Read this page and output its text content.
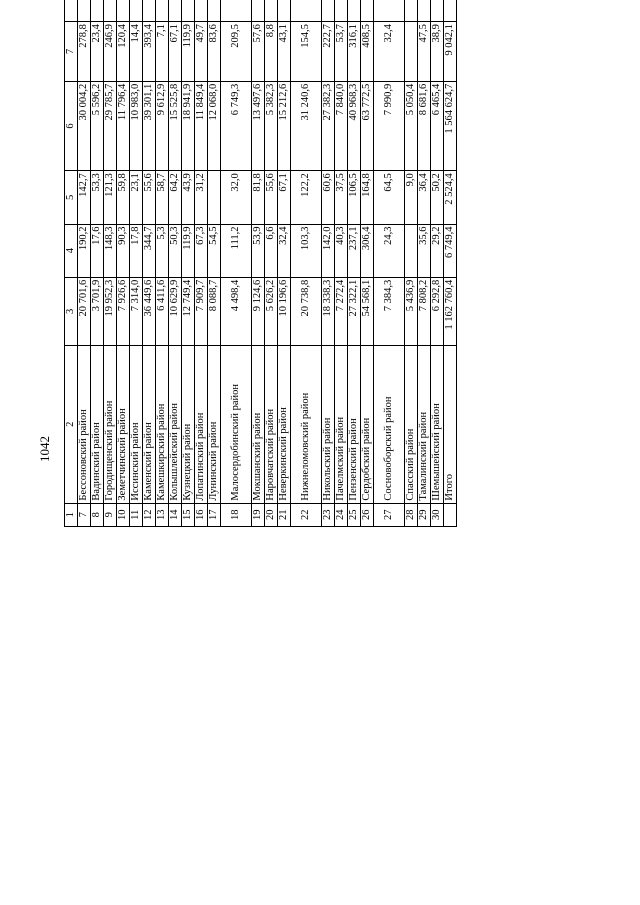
1042
1	2	3	4	5	6	7				
7	Бессоновский район	20 701,6	190,2	142,7	30 004,2	278,8				
8	Вадинский район	3 701,9	17,6	53,3	5 596,2	23,4				
9	Городищенский район	19 952,3	148,3	121,3	29 785,7	246,9				
10	Земетчинский район	7 926,6	90,3	59,8	11 796,4	120,4				
11	Иссинский район	7 314,0	17,8	23,1	10 983,0	14,4				
12	Каменский район	36 449,6	344,7	55,6	39 301,1	393,4				
13	Камешкирский район	6 411,6	5,3	58,7	9 612,9	7,1				
14	Колышлейский район	10 629,9	50,3	64,2	15 525,8	67,1				
15	Кузнецкий район	12 749,4	119,9	43,9	18 941,9	119,9				
16	Лопатинский район	7 909,7	67,3	31,2	11 849,4	49,7				
17	Лунинский район	8 088,7	54,5		12 068,0	83,6				
18	Малосердобинский район	4 498,4	111,2	32,0	6 749,3	209,5				
19	Мокшанский район	9 124,6	53,9	81,8	13 497,6	57,6				
20	Наровчатский район	5 626,2	6,6	55,6	5 382,3	8,8				
21	Неверкинский район	10 196,6	32,4	67,1	15 212,6	43,1				
22	Нижнеломовский район	20 738,8	103,3	122,2	31 240,6	154,5				
23	Никольский район	18 338,3	142,0	60,6	27 382,3	222,7				
24	Пачелмский район	7 272,4	40,3	37,5	7 840,0	53,7				
25	Пензенский район	27 322,1	237,1	106,5	40 968,3	316,1				
26	Сердобский район	54 568,1	306,4	164,8	63 772,5	408,5				
27	Сосновоборский район	7 384,3	24,3	64,5	7 990,9	32,4				
28	Спасский район	5 436,9		9,0	5 050,4					
29	Тамалинский район	7 808,2	35,6	36,4	8 681,6	47,5				
30	Шемышейский район	6 292,8	29,2	50,2	6 465,4	38,9				
	Итого	1 162 760,4	6 749,4	2 524,4	1 564 624,7	9 042,1				
